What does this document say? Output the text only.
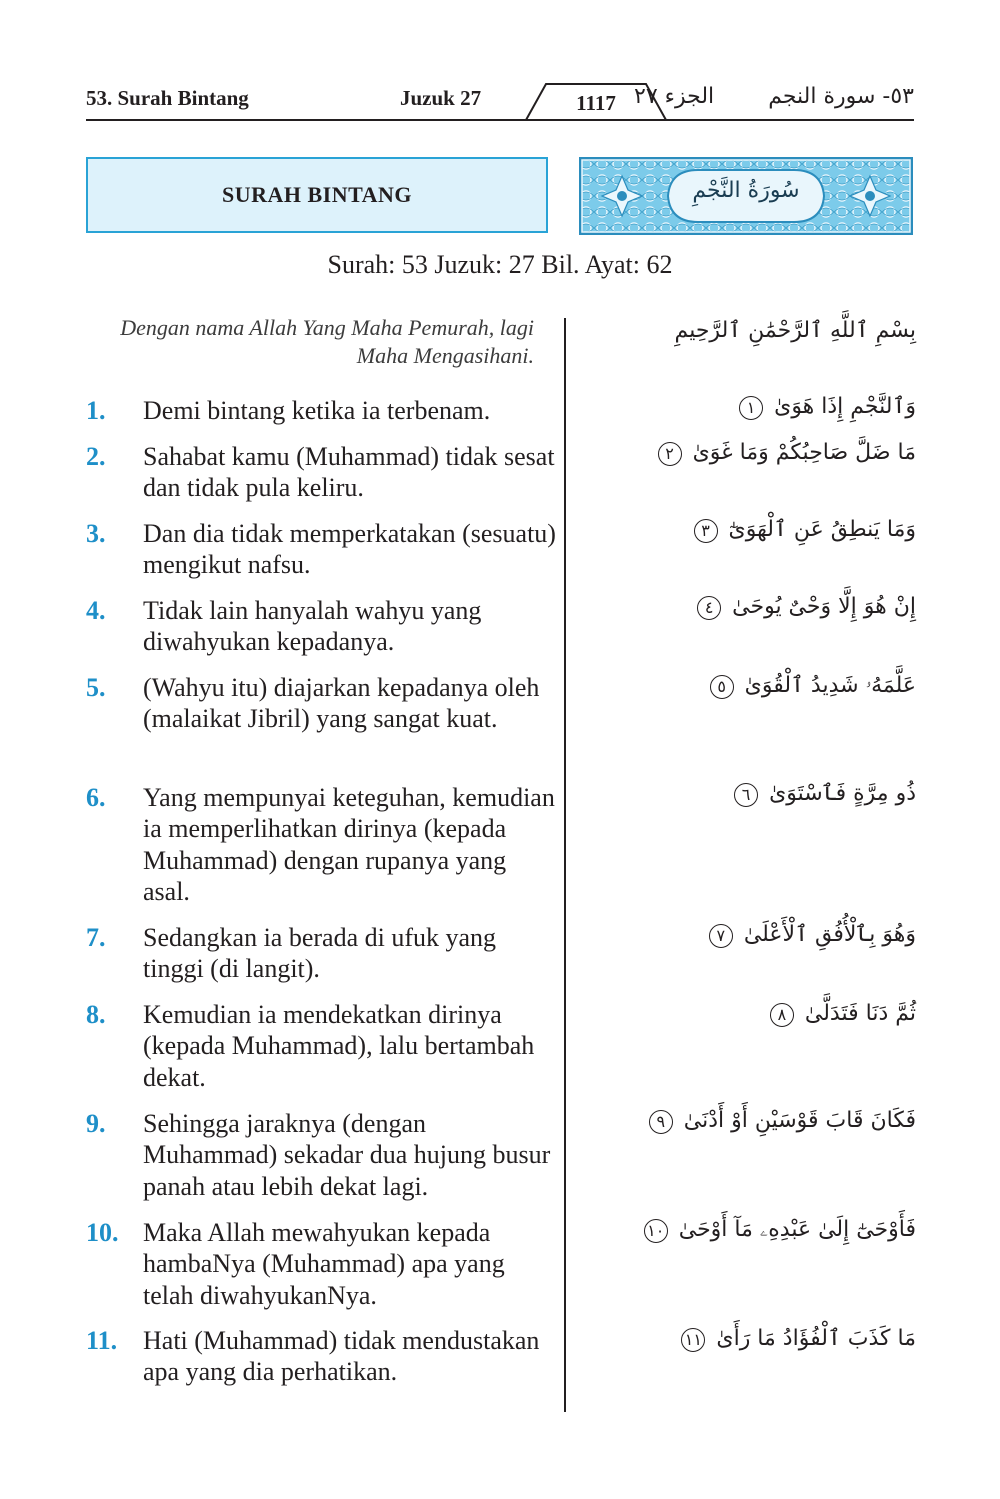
53. Surah Bintang	Juzuk 27	1117 الجزء ٢٧ ٥٣- سورة النجم
SURAH BINTANG	سُورَةُ النَّجْمِ
Surah: 53 Juzuk: 27 Bil. Ayat: 62
Dengan nama Allah Yang Maha Pemurah, lagi Maha Mengasihani.
بِسْمِ ٱللَّهِ ٱلرَّحْمَٰنِ ٱلرَّحِيمِ
1. Demi bintang ketika ia terbenam.
2. Sahabat kamu (Muhammad) tidak sesat dan tidak pula keliru.
3. Dan dia tidak memperkatakan (sesuatu) mengikut nafsu.
4. Tidak lain hanyalah wahyu yang diwahyukan kepadanya.
5. (Wahyu itu) diajarkan kepadanya oleh (malaikat Jibril) yang sangat kuat.
6. Yang mempunyai keteguhan, kemudian ia memperlihatkan dirinya (kepada Muhammad) dengan rupanya yang asal.
7. Sedangkan ia berada di ufuk yang tinggi (di langit).
8. Kemudian ia mendekatkan dirinya (kepada Muhammad), lalu bertambah dekat.
9. Sehingga jaraknya (dengan Muhammad) sekadar dua hujung busur panah atau lebih dekat lagi.
10. Maka Allah mewahyukan kepada hambaNya (Muhammad) apa yang telah diwahyukanNya.
11. Hati (Muhammad) tidak mendustakan apa yang dia perhatikan.
وَٱلنَّجْمِ إِذَا هَوَىٰ ١
مَا ضَلَّ صَاحِبُكُمْ وَمَا غَوَىٰ ٢
وَمَا يَنطِقُ عَنِ ٱلْهَوَىٰٓ ٣
إِنْ هُوَ إِلَّا وَحْىٌ يُوحَىٰ ٤
عَلَّمَهُۥ شَدِيدُ ٱلْقُوَىٰ ٥
ذُو مِرَّةٍ فَٱسْتَوَىٰ ٦
وَهُوَ بِٱلْأُفُقِ ٱلْأَعْلَىٰ ٧
ثُمَّ دَنَا فَتَدَلَّىٰ ٨
فَكَانَ قَابَ قَوْسَيْنِ أَوْ أَدْنَىٰ ٩
فَأَوْحَىٰٓ إِلَىٰ عَبْدِهِۦ مَآ أَوْحَىٰ ١٠
مَا كَذَبَ ٱلْفُؤَادُ مَا رَأَىٰ ١١
